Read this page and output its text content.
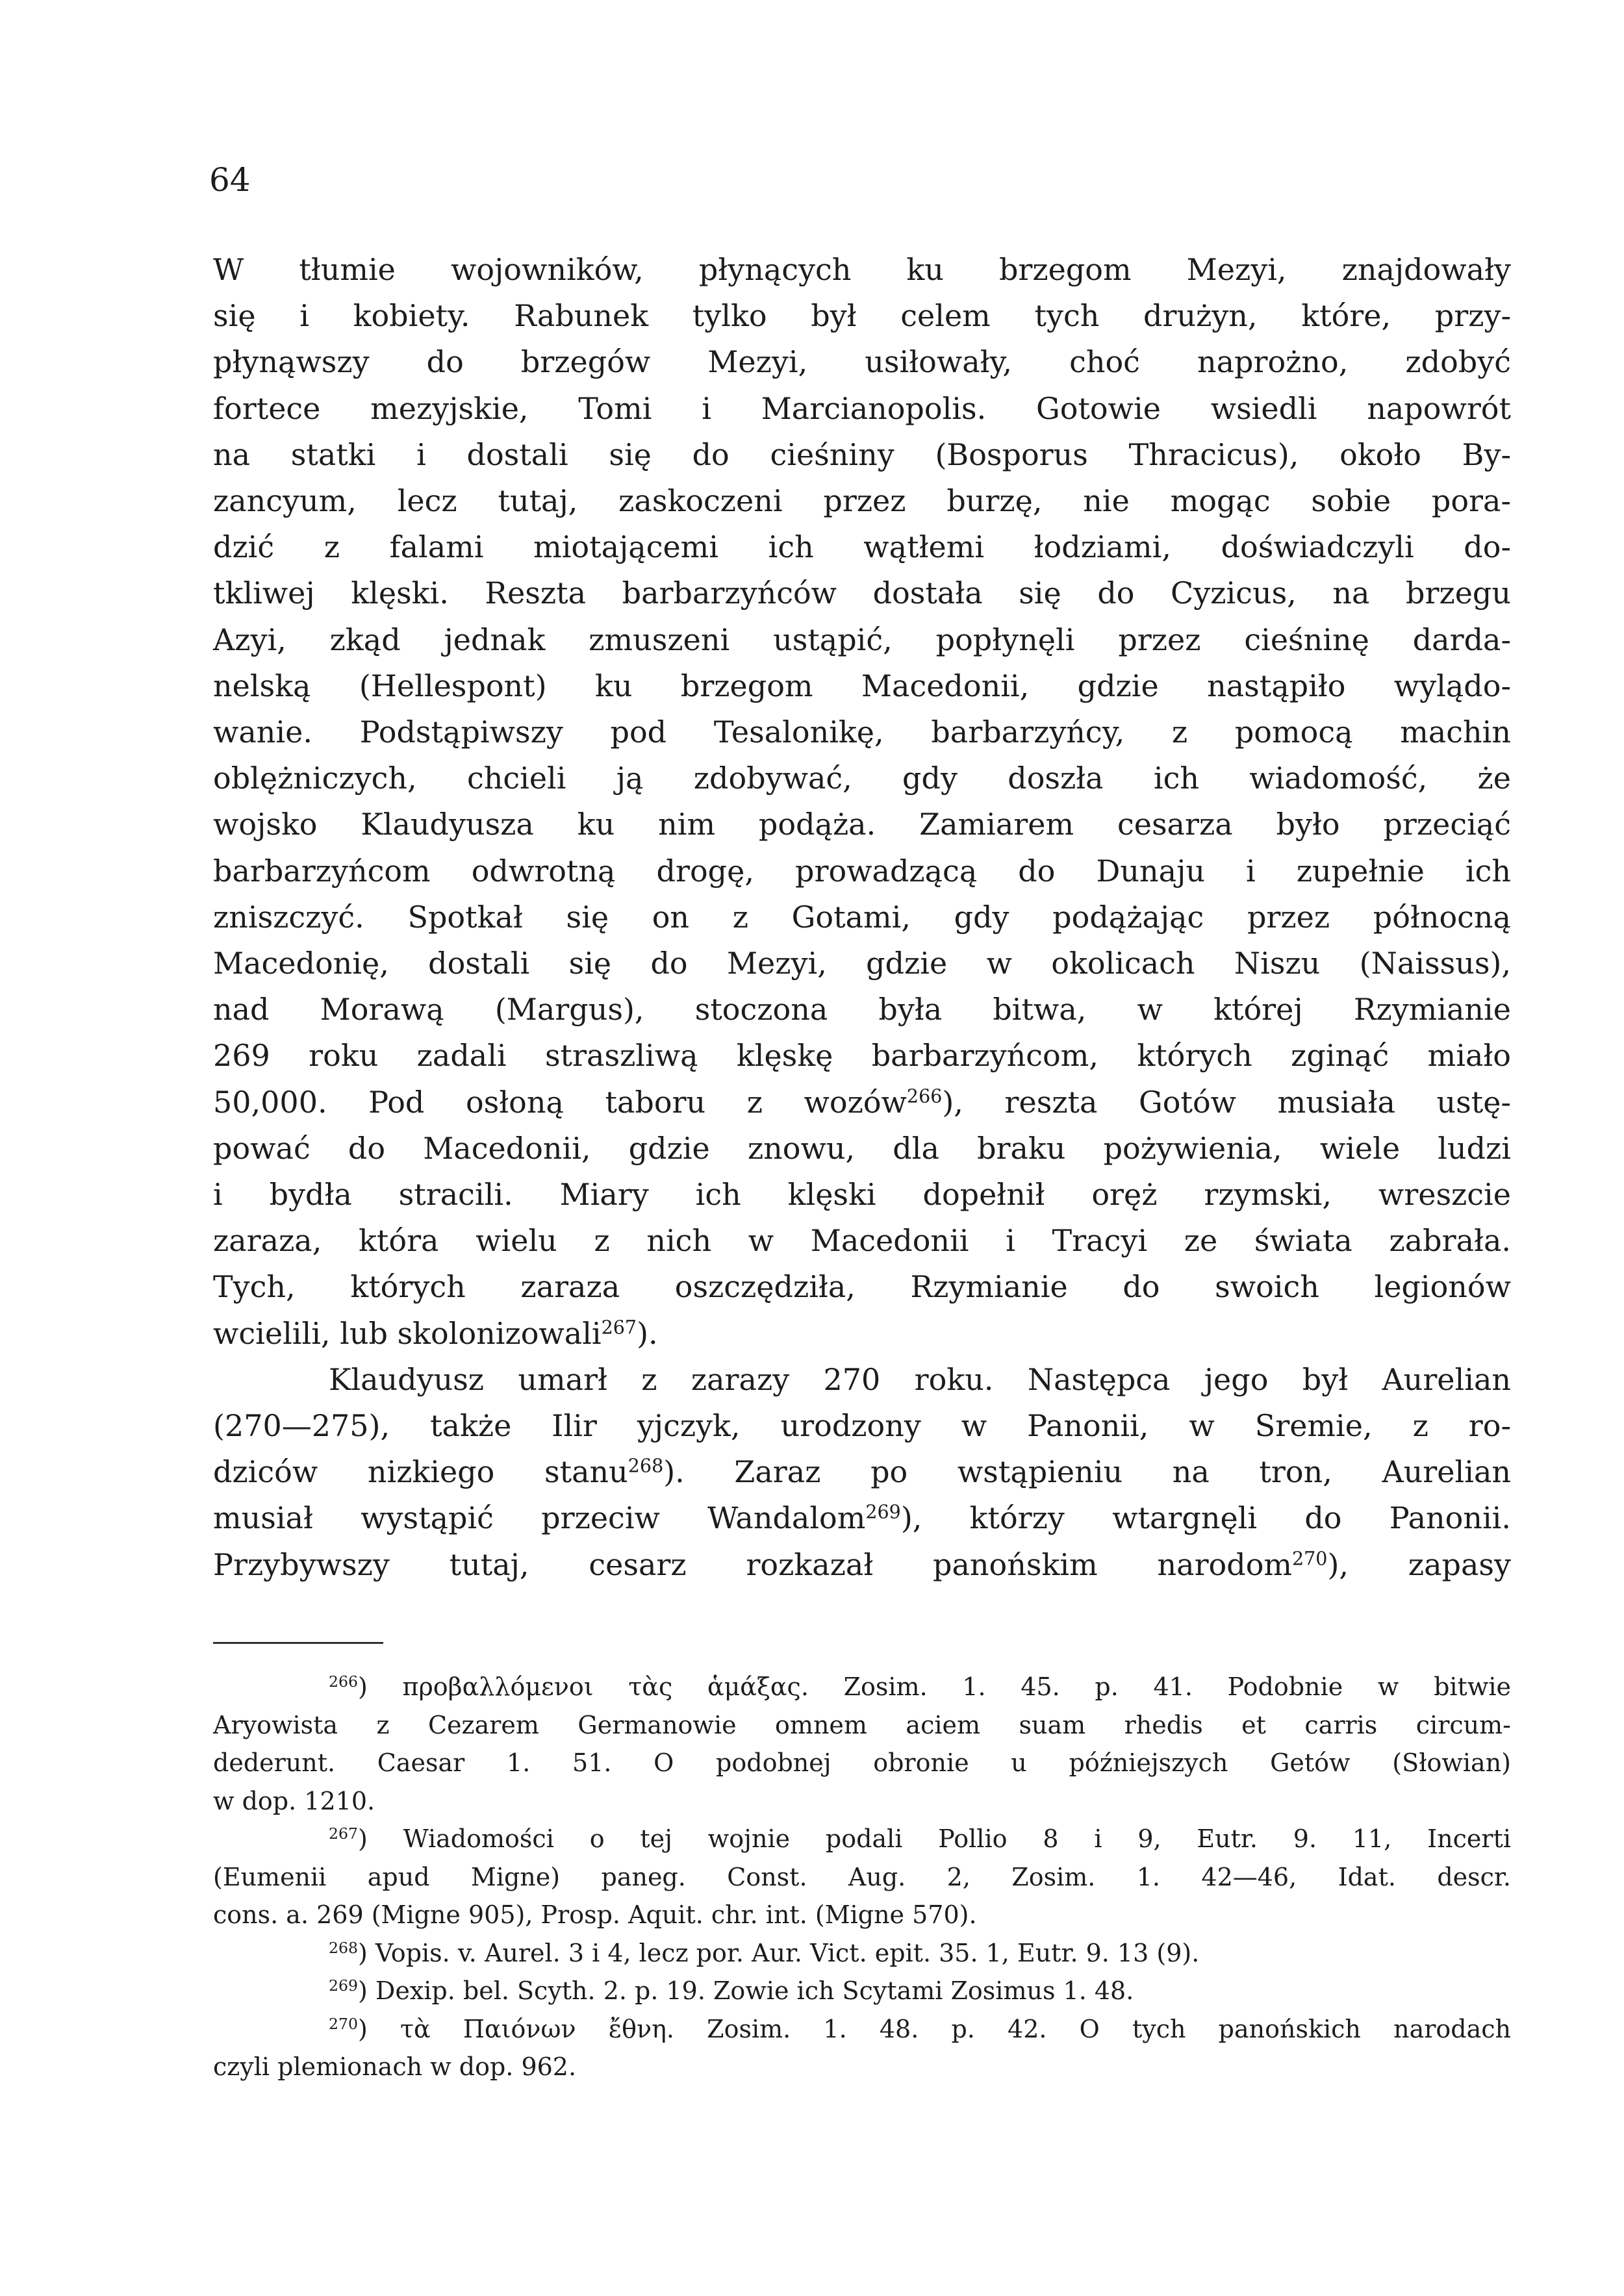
64
W tłumie wojowników, płynących ku brzegom Mezyi, znajdowały
się i kobiety. Rabunek tylko był celem tych drużyn, które, przy-
płynąwszy do brzegów Mezyi, usiłowały, choć naprożno, zdobyć
fortece mezyjskie, Tomi i Marcianopolis. Gotowie wsiedli napowrót
na statki i dostali się do cieśniny (Bosporus Thracicus), około By-
zancyum, lecz tutaj, zaskoczeni przez burzę, nie mogąc sobie pora-
dzić z falami miotającemi ich wątłemi łodziami, doświadczyli do-
tkliwej klęski. Reszta barbarzyńców dostała się do Cyzicus, na brzegu
Azyi, zkąd jednak zmuszeni ustąpić, popłynęli przez cieśninę darda-
nelską (Hellespont) ku brzegom Macedonii, gdzie nastąpiło wylądo-
wanie. Podstąpiwszy pod Tesalonikę, barbarzyńcy, z pomocą machin
oblężniczych, chcieli ją zdobywać, gdy doszła ich wiadomość, że
wojsko Klaudyusza ku nim podąża. Zamiarem cesarza było przeciąć
barbarzyńcom odwrotną drogę, prowadzącą do Dunaju i zupełnie ich
zniszczyć. Spotkał się on z Gotami, gdy podążając przez północną
Macedonię, dostali się do Mezyi, gdzie w okolicach Niszu (Naissus),
nad Morawą (Margus), stoczona była bitwa, w której Rzymianie
269 roku zadali straszliwą klęskę barbarzyńcom, których zginąć miało
50,000. Pod osłoną taboru z wozów$^{266}$), reszta Gotów musiała ustę-
pować do Macedonii, gdzie znowu, dla braku pożywienia, wiele ludzi
i bydła stracili. Miary ich klęski dopełnił oręż rzymski, wreszcie
zaraza, która wielu z nich w Macedonii i Tracyi ze świata zabrała.
Tych, których zaraza oszczędziła, Rzymianie do swoich legionów
wcielili, lub skolonizowali$^{267}$).
Klaudyusz umarł z zarazy 270 roku. Następca jego był Aurelian
(270—275), także Ilir yjczyk, urodzony w Panonii, w Sremie, z ro-
dziców nizkiego stanu$^{268}$). Zaraz po wstąpieniu na tron, Aurelian
musiał wystąpić przeciw Wandalom$^{269}$), którzy wtargnęli do Panonii.
Przybywszy tutaj, cesarz rozkazał panońskim narodom$^{270}$), zapasy
$^{266}$) προβαλλόμενοι τὰς ἁμάξας. Zosim. 1. 45. p. 41. Podobnie w bitwie
Aryowista z Cezarem Germanowie omnem aciem suam rhedis et carris circum-
dederunt. Caesar 1. 51. O podobnej obronie u późniejszych Getów (Słowian)
w dop. 1210.
$^{267}$) Wiadomości o tej wojnie podali Pollio 8 i 9, Eutr. 9. 11, Incerti
(Eumenii apud Migne) paneg. Const. Aug. 2, Zosim. 1. 42—46, Idat. descr.
cons. a. 269 (Migne 905), Prosp. Aquit. chr. int. (Migne 570).
$^{268}$) Vopis. v. Aurel. 3 i 4, lecz por. Aur. Vict. epit. 35. 1, Eutr. 9. 13 (9).
$^{269}$) Dexip. bel. Scyth. 2. p. 19. Zowie ich Scytami Zosimus 1. 48.
$^{270}$) τὰ Παιόνων ἔθνη. Zosim. 1. 48. p. 42. O tych panońskich narodach
czyli plemionach w dop. 962.
